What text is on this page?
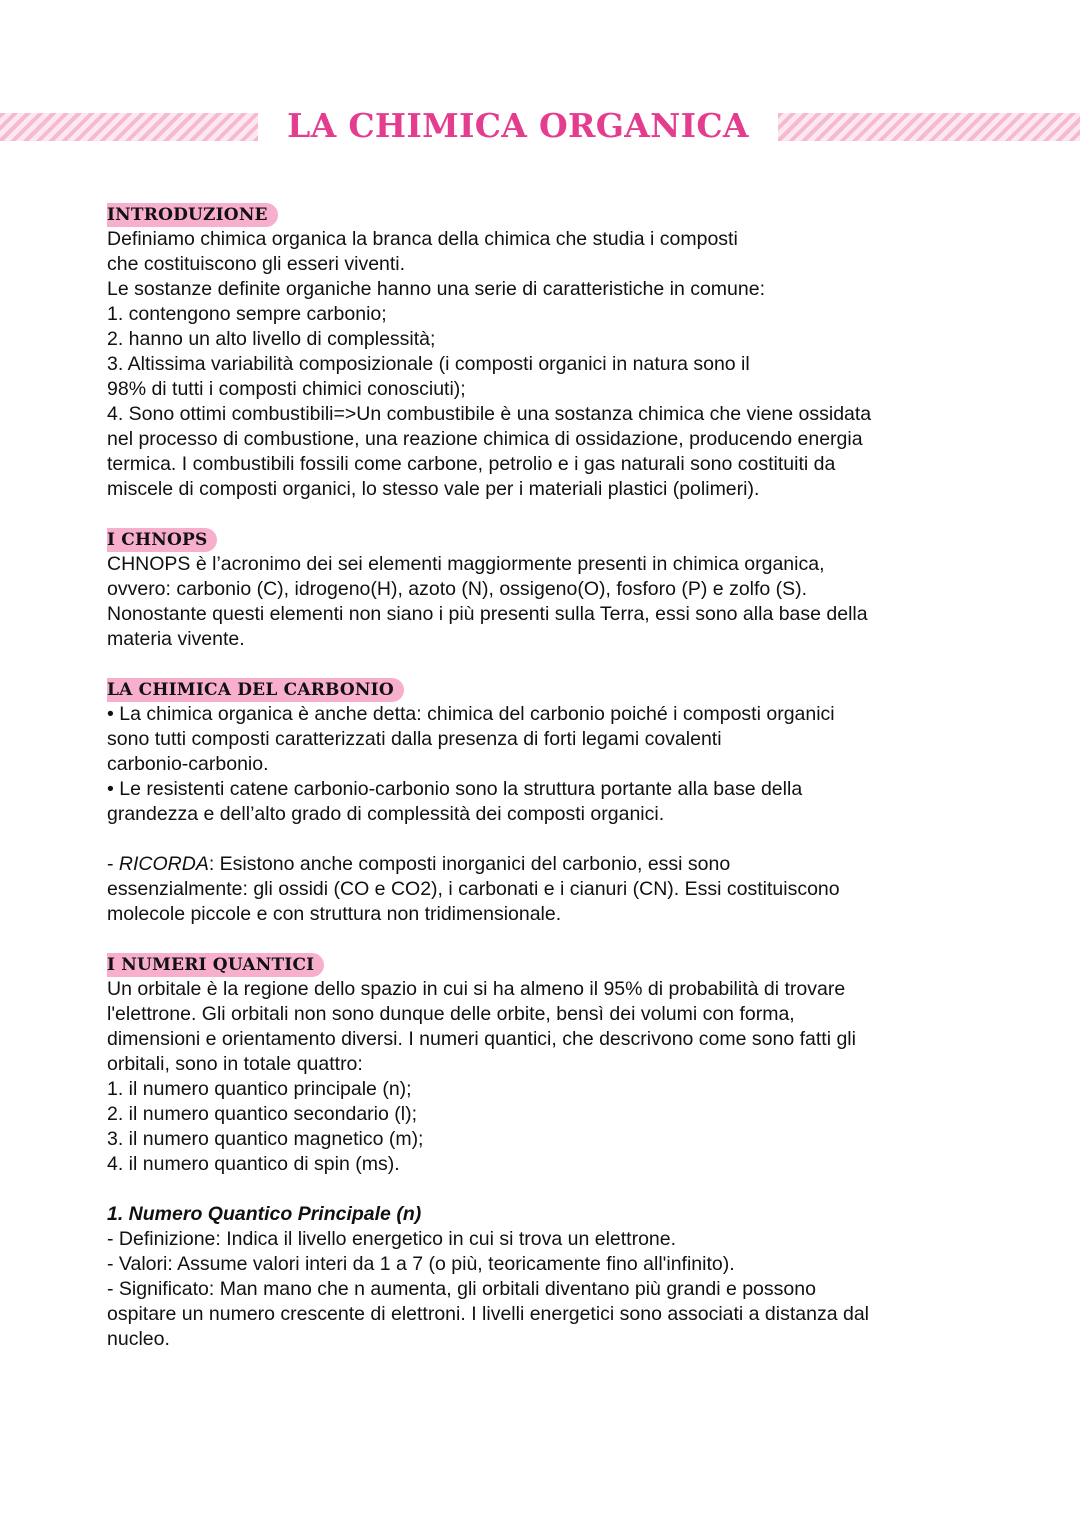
LA CHIMICA ORGANICA
INTRODUZIONE
Definiamo chimica organica la branca della chimica che studia i composti
che costituiscono gli esseri viventi.
Le sostanze definite organiche hanno una serie di caratteristiche in comune:
1. contengono sempre carbonio;
2. hanno un alto livello di complessità;
3. Altissima variabilità composizionale (i composti organici in natura sono il
98% di tutti i composti chimici conosciuti);
4. Sono ottimi combustibili=>Un combustibile è una sostanza chimica che viene ossidata
nel processo di combustione, una reazione chimica di ossidazione, producendo energia
termica. I combustibili fossili come carbone, petrolio e i gas naturali sono costituiti da
miscele di composti organici, lo stesso vale per i materiali plastici (polimeri).
I CHNOPS
CHNOPS è l’acronimo dei sei elementi maggiormente presenti in chimica organica,
ovvero: carbonio (C), idrogeno(H), azoto (N), ossigeno(O), fosforo (P) e zolfo (S).
Nonostante questi elementi non siano i più presenti sulla Terra, essi sono alla base della
materia vivente.
LA CHIMICA DEL CARBONIO
• La chimica organica è anche detta: chimica del carbonio poiché i composti organici
sono tutti composti caratterizzati dalla presenza di forti legami covalenti
carbonio-carbonio.
• Le resistenti catene carbonio-carbonio sono la struttura portante alla base della
grandezza e dell’alto grado di complessità dei composti organici.
- RICORDA: Esistono anche composti inorganici del carbonio, essi sono
essenzialmente: gli ossidi (CO e CO2), i carbonati e i cianuri (CN). Essi costituiscono
molecole piccole e con struttura non tridimensionale.
I NUMERI QUANTICI
Un orbitale è la regione dello spazio in cui si ha almeno il 95% di probabilità di trovare
l'elettrone. Gli orbitali non sono dunque delle orbite, bensì dei volumi con forma,
dimensioni e orientamento diversi. I numeri quantici, che descrivono come sono fatti gli
orbitali, sono in totale quattro:
1. il numero quantico principale (n);
2. il numero quantico secondario (l);
3. il numero quantico magnetico (m);
4. il numero quantico di spin (ms).
1. Numero Quantico Principale (n)
- Definizione: Indica il livello energetico in cui si trova un elettrone.
- Valori: Assume valori interi da 1 a 7 (o più, teoricamente fino all'infinito).
- Significato: Man mano che n aumenta, gli orbitali diventano più grandi e possono
ospitare un numero crescente di elettroni. I livelli energetici sono associati a distanza dal
nucleo.
